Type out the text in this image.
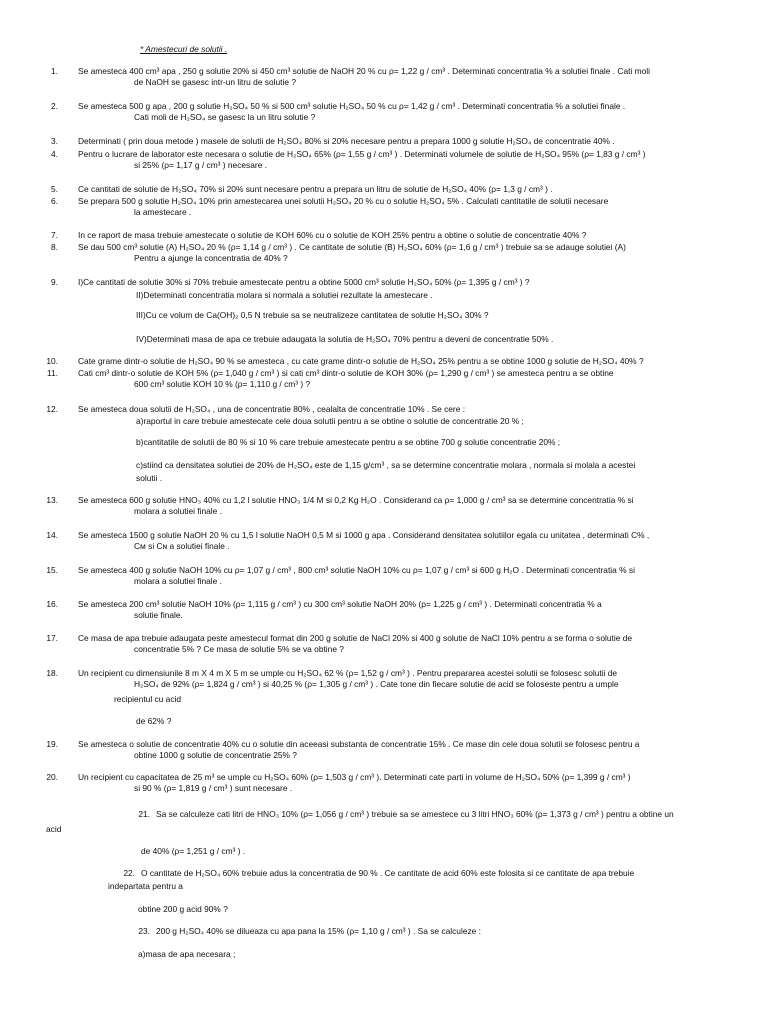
* Amestecuri de solutii .
1. Se amesteca 400 cm³ apa , 250 g solutie 20% si 450 cm³ solutie de NaOH 20 % cu ρ= 1,22 g / cm³ . Determinati concentratia % a solutiei finale . Cati moli
de NaOH se gasesc intr-un litru de solutie ?
2. Se amesteca 500 g apa , 200 g solutie H₂SO₄ 50 % si 500 cm³ solutie H₂SO₄ 50 % cu ρ= 1,42 g / cm³ . Determinati concentratia % a solutiei finale .
Cati moli de H₂SO₄ se gasesc la un litru solutie ?
3. Determinati ( prin doua metode ) masele de solutii de H₂SO₄ 80% si 20% necesare pentru a prepara 1000 g solutie H₂SO₄ de concentratie 40% .
4. Pentru o lucrare de laborator este necesara o solutie de H₂SO₄ 65% (ρ= 1,55 g / cm³ ) . Determinati volumele de solutie de H₂SO₄ 95% (ρ= 1,83 g / cm³ )
si 25% (ρ= 1,17 g / cm³ ) necesare .
5. Ce cantitati de solutie de H₂SO₄ 70% si 20% sunt necesare pentru a prepara un litru de solutie de H₂SO₄ 40% (ρ= 1,3 g / cm³ ) .
6. Se prepara 500 g solutie H₂SO₄ 10% prin amestecarea unei solutii H₂SO₄ 20 % cu o solutie H₂SO₄ 5% . Calculati cantitatile de solutii necesare
la amestecare .
7. In ce raport de masa trebuie amestecate o solutie de KOH 60% cu o solutie de KOH 25% pentru a obtine o solutie de concentratie 40% ?
8. Se dau 500 cm³ solutie (A) H₂SO₄ 20 % (ρ= 1,14 g / cm³ ) . Ce cantitate de solutie (B) H₂SO₄ 60% (ρ= 1,6 g / cm³ ) trebuie sa se adauge solutiei (A)
Pentru a ajunge la concentratia de 40% ?
9. I)Ce cantitati de solutie 30% si 70% trebuie amestecate pentru a obtine 5000 cm³ solutie H₂SO₄ 50% (ρ= 1,395 g / cm³ ) ?
II)Determinati concentratia molara si normala a solutiei rezultate la amestecare .
III)Cu ce volum de Ca(OH)₂ 0,5 N trebuie sa se neutralizeze cantitatea de solutie H₂SO₄ 30% ?
IV)Determinati masa de apa ce trebuie adaugata la solutia de H₂SO₄ 70% pentru a deveni de concentratie 50% .
10. Cate grame dintr-o solutie de H₂SO₄ 90 % se amesteca , cu cate grame dintr-o solutie de H₂SO₄ 25% pentru a se obtine 1000 g solutie de H₂SO₄ 40% ?
11. Cati cm³ dintr-o solutie de KOH 5% (ρ= 1,040 g / cm³ ) si cati cm³ dintr-o solutie de KOH 30% (ρ= 1,290 g / cm³ ) se amesteca pentru a se obtine
600 cm³ solutie KOH 10 % (ρ= 1,110 g / cm³ ) ?
12. Se amesteca doua solutii de H₂SO₄ , una de concentratie 80% , cealalta de concentratie 10% . Se cere :
a)raportul in care trebuie amestecate cele doua solutii pentru a se obtine o solutie de concentratie 20 % ;
b)cantitatile de solutii de 80 % si 10 % care trebuie amestecate pentru a se obtine 700 g solutie concentratie 20% ;
c)stiind ca densitatea solutiei de 20% de H₂SO₄ este de 1,15 g/cm³ , sa se determine concentratie molara , normala si molala a acestei
solutii .
13. Se amesteca 600 g solutie HNO₃ 40% cu 1,2 l solutie HNO₃ 1/4 M si 0,2 Kg H₂O . Considerand ca ρ= 1,000 g / cm³ sa se determine concentratia % si
molara a solutiei finale .
14. Se amesteca 1500 g solutie NaOH 20 % cu 1,5 l solutie NaOH 0,5 M si 1000 g apa . Considerand densitatea solutiilor egala cu unitatea , determinati C% ,
Cм si Cɴ a solutiei finale .
15. Se amesteca 400 g solutie NaOH 10% cu ρ= 1,07 g / cm³ , 800 cm³ solutie NaOH 10% cu ρ= 1,07 g / cm³ si 600 g H₂O . Determinati concentratia % si
molara a solutiei finale .
16. Se amesteca 200 cm³ solutie NaOH 10% (ρ= 1,115 g / cm³ ) cu 300 cm³ solutie NaOH 20% (ρ= 1,225 g / cm³ ) . Determinati concentratia % a
solutie finale.
17. Ce masa de apa trebuie adaugata peste amestecul format din 200 g solutie de NaCl 20% si 400 g solutie de NaCl 10% pentru a se forma o solutie de
concentratie 5% ? Ce masa de solutie 5% se va obtine ?
18. Un recipient cu dimensiunile 8 m X 4 m X 5 m se umple cu H₂SO₄ 62 % (ρ= 1,52 g / cm³ ) . Pentru prepararea acestei solutii se folosesc solutii de
H₂SO₄ de 92% (ρ= 1,824 g / cm³ ) si 40,25 % (ρ= 1,305 g / cm³ ) . Cate tone din fiecare solutie de acid se foloseste pentru a umple
recipientul cu acid
de 62% ?
19. Se amesteca o solutie de concentratie 40% cu o solutie din aceeasi substanta de concentratie 15% . Ce mase din cele doua solutii se folosesc pentru a
obtine 1000 g solutie de concentratie 25% ?
20. Un recipient cu capacitatea de 25 m³ se umple cu H₂SO₄ 60% (ρ= 1,503 g / cm³ ). Determinati cate parti in volume de H₂SO₄ 50% (ρ= 1,399 g / cm³ )
si 90 % (ρ= 1,819 g / cm³ ) sunt necesare .
21. Sa se calculeze cati litri de HNO₃ 10% (ρ= 1,056 g / cm³ ) trebuie sa se amestece cu 3 litri HNO₃ 60% (ρ= 1,373 g / cm³ ) pentru a obtine un
acid
de 40% (ρ= 1,251 g / cm³ ) .
22. O cantitate de H₂SO₄ 60% trebuie adus la concentratia de 90 % . Ce cantitate de acid 60% este folosita si ce cantitate de apa trebuie
indepartata pentru a
obtine 200 g acid 90% ?
23. 200 g H₂SO₄ 40% se dilueaza cu apa pana la 15% (ρ= 1,10 g / cm³ ) . Sa se calculeze :
a)masa de apa necesara ;
